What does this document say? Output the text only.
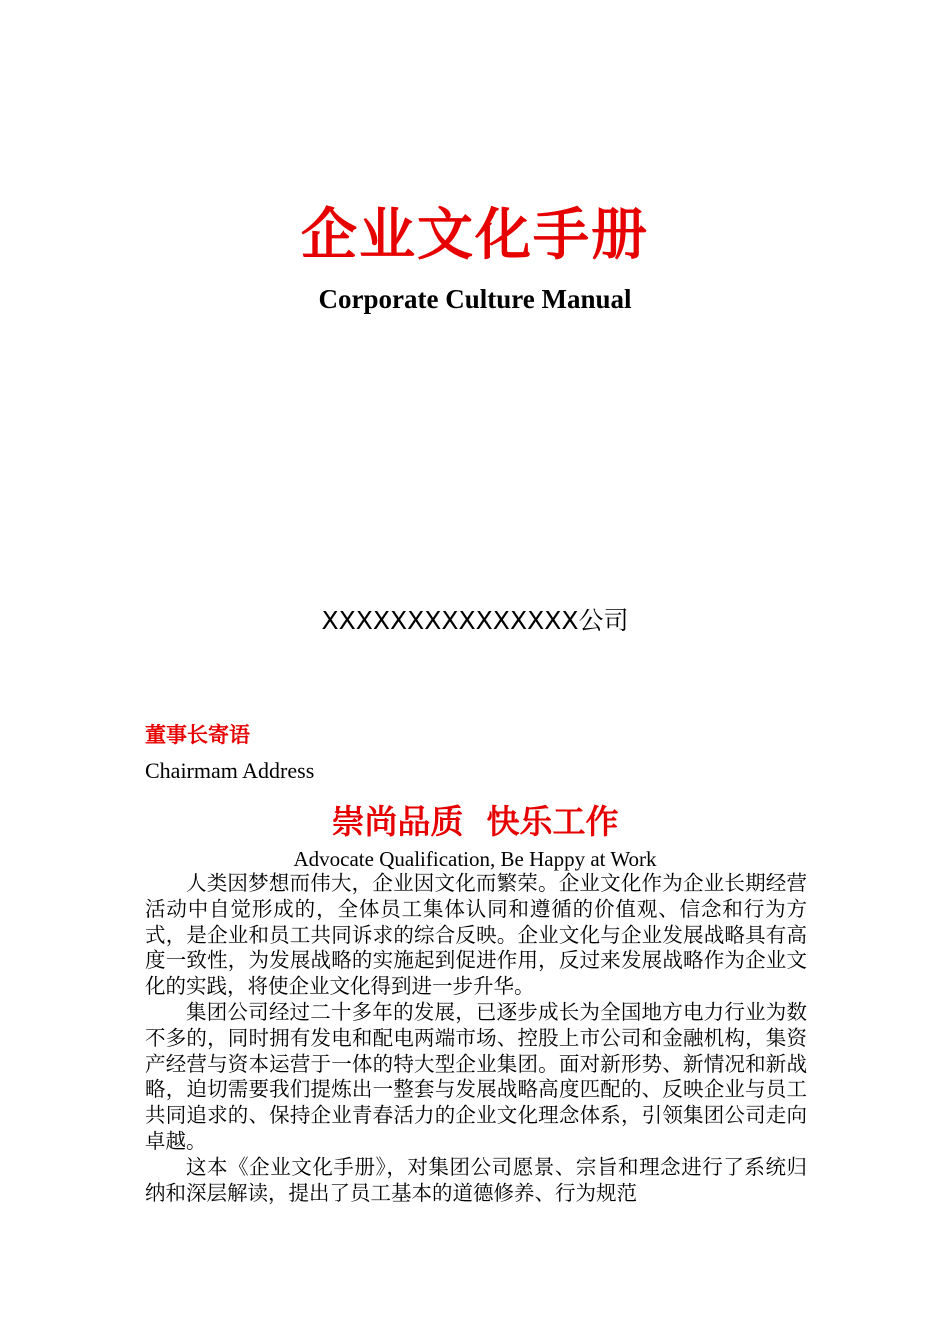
企业文化手册
Corporate Culture Manual
XXXXXXXXXXXXXXX公司
董事长寄语
Chairmam Address
崇尚品质  快乐工作
Advocate Qualification, Be Happy at Work

人类因梦想而伟大，企业因文化而繁荣。企业文化作为企业长期经营活动中自觉形成的，全体员工集体认同和遵循的价值观、信念和行为方式，是企业和员工共同诉求的综合反映。企业文化与企业发展战略具有高度一致性，为发展战略的实施起到促进作用，反过来发展战略作为企业文化的实践，将使企业文化得到进一步升华。

集团公司经过二十多年的发展，已逐步成长为全国地方电力行业为数不多的，同时拥有发电和配电两端市场、控股上市公司和金融机构，集资产经营与资本运营于一体的特大型企业集团。面对新形势、新情况和新战略，迫切需要我们提炼出一整套与发展战略高度匹配的、反映企业与员工共同追求的、保持企业青春活力的企业文化理念体系，引领集团公司走向卓越。

这本《企业文化手册》，对集团公司愿景、宗旨和理念进行了系统归纳和深层解读，提出了员工基本的道德修养、行为规范
